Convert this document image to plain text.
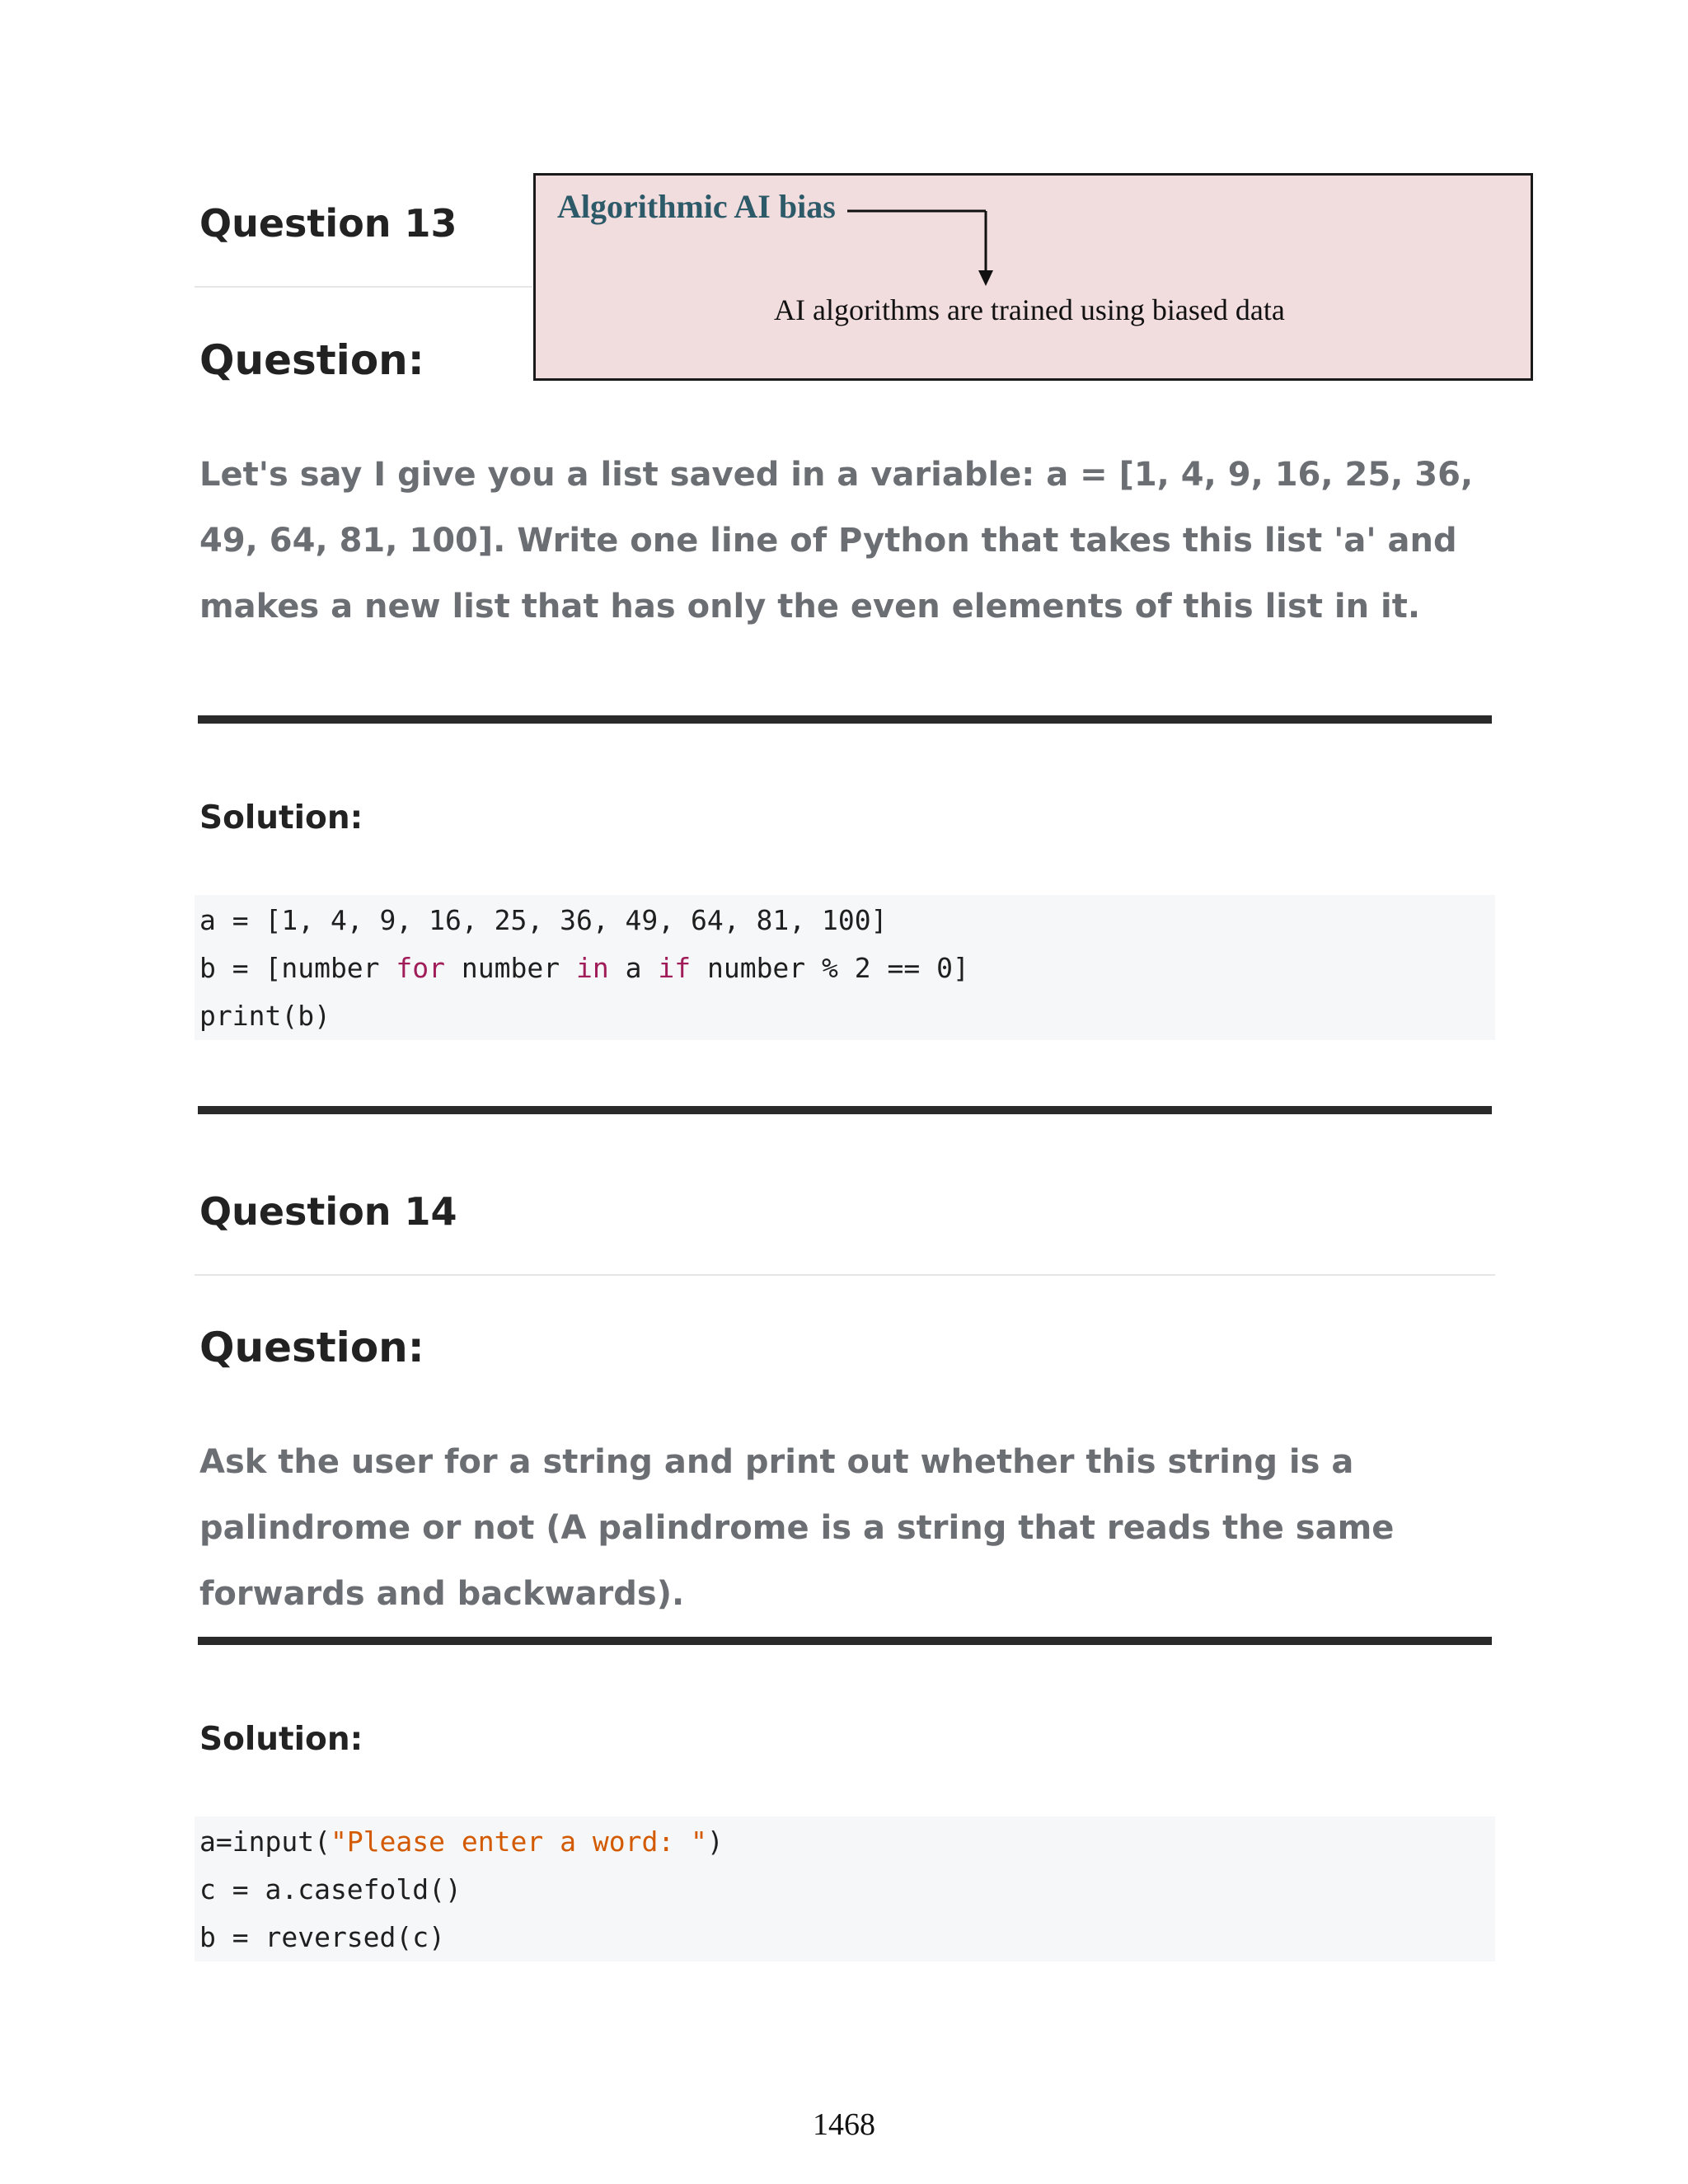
Question 13
Question:
Let's say I give you a list saved in a variable: a = [1, 4, 9, 16, 25, 36, 49, 64, 81, 100]. Write one line of Python that takes this list 'a' and makes a new list that has only the even elements of this list in it.
Solution:
a = [1, 4, 9, 16, 25, 36, 49, 64, 81, 100]
b = [number for number in a if number % 2 == 0]
print(b)
Question 14
Question:
Ask the user for a string and print out whether this string is a palindrome or not (A palindrome is a string that reads the same forwards and backwards).
Solution:
a=input("Please enter a word: ")
c = a.casefold()
b = reversed(c)
Algorithmic AI bias
AI algorithms are trained using biased data
1468
